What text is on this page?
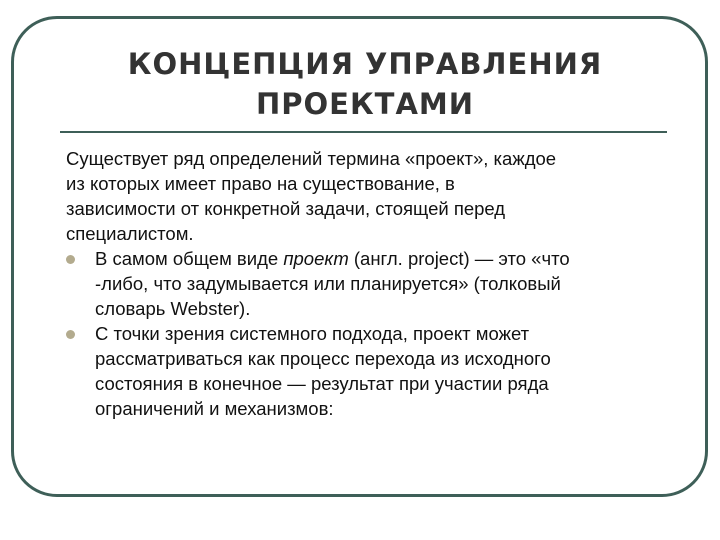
КОНЦЕПЦИЯ УПРАВЛЕНИЯ
ПРОЕКТАМИ
Существует ряд определений термина «проект», каждое
из которых имеет право на существование, в
зависимости от конкретной задачи, стоящей перед
специалистом.
В самом общем виде проект (англ. project) — это «что
-либо, что задумывается или планируется» (толковый
словарь Webster).
С точки зрения системного подхода, проект может
рассматриваться как процесс перехода из исходного
состояния в конечное — результат при участии ряда
ограничений и механизмов:
